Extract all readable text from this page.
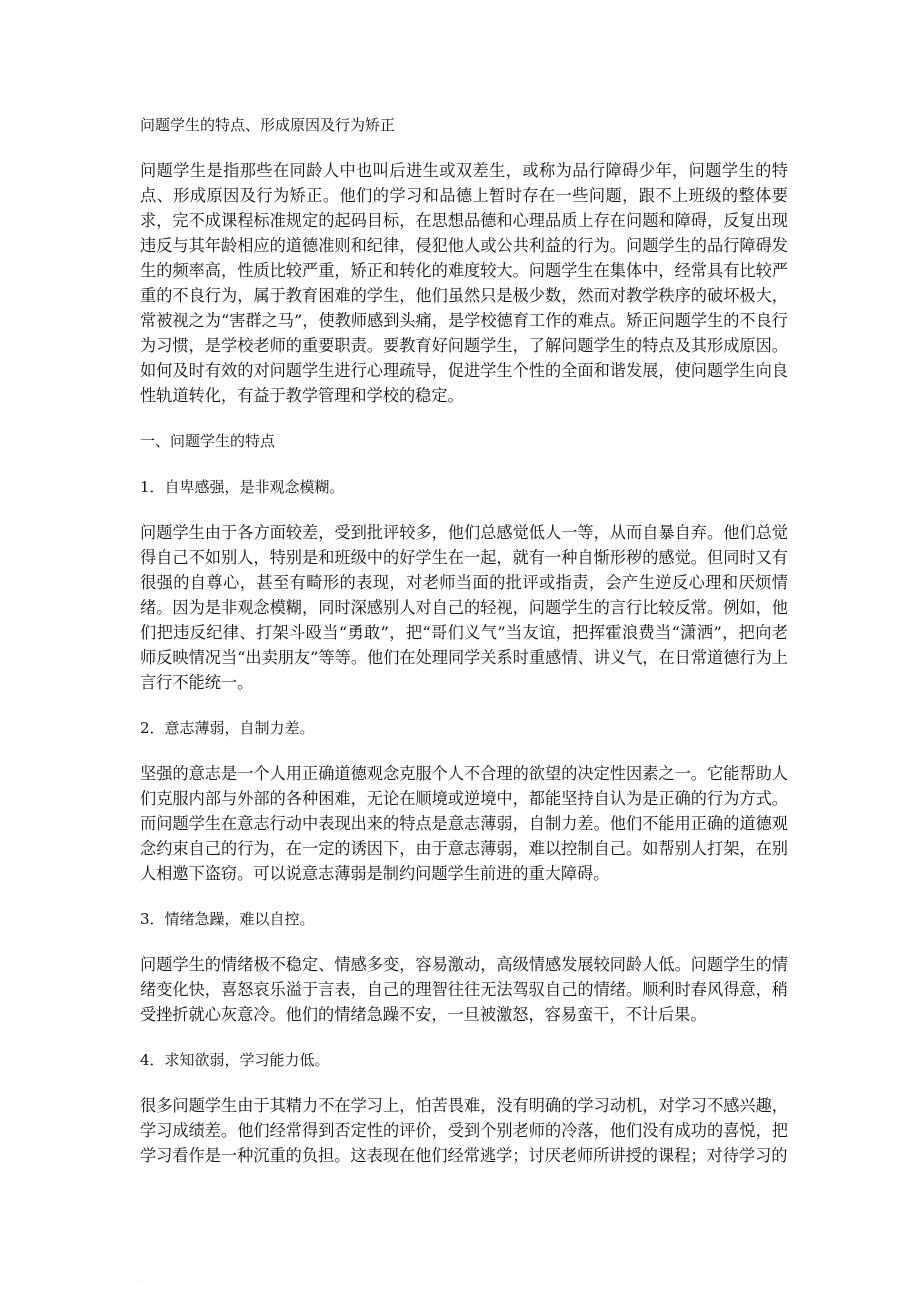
问题学生的特点、形成原因及行为矫正

问题学生是指那些在同龄人中也叫后进生或双差生，或称为品行障碍少年，问题学生的特点、形成原因及行为矫正。他们的学习和品德上暂时存在一些问题，跟不上班级的整体要求，完不成课程标准规定的起码目标，在思想品德和心理品质上存在问题和障碍，反复出现违反与其年龄相应的道德准则和纪律，侵犯他人或公共利益的行为。问题学生的品行障碍发生的频率高，性质比较严重，矫正和转化的难度较大。问题学生在集体中，经常具有比较严重的不良行为，属于教育困难的学生，他们虽然只是极少数，然而对教学秩序的破坏极大，常被视之为“害群之马”，使教师感到头痛，是学校德育工作的难点。矫正问题学生的不良行为习惯，是学校老师的重要职责。要教育好问题学生，了解问题学生的特点及其形成原因。如何及时有效的对问题学生进行心理疏导，促进学生个性的全面和谐发展，使问题学生向良性轨道转化，有益于教学管理和学校的稳定。

一、问题学生的特点
1．自卑感强，是非观念模糊。

问题学生由于各方面较差，受到批评较多，他们总感觉低人一等，从而自暴自弃。他们总觉得自己不如别人，特别是和班级中的好学生在一起，就有一种自惭形秽的感觉。但同时又有很强的自尊心，甚至有畸形的表现，对老师当面的批评或指责，会产生逆反心理和厌烦情绪。因为是非观念模糊，同时深感别人对自己的轻视，问题学生的言行比较反常。例如，他们把违反纪律、打架斗殴当“勇敢”，把“哥们义气”当友谊，把挥霍浪费当“潇洒”，把向老师反映情况当“出卖朋友”等等。他们在处理同学关系时重感情、讲义气，在日常道德行为上言行不能统一。

2．意志薄弱，自制力差。

坚强的意志是一个人用正确道德观念克服个人不合理的欲望的决定性因素之一。它能帮助人们克服内部与外部的各种困难，无论在顺境或逆境中，都能坚持自认为是正确的行为方式。而问题学生在意志行动中表现出来的特点是意志薄弱，自制力差。他们不能用正确的道德观念约束自己的行为，在一定的诱因下，由于意志薄弱，难以控制自己。如帮别人打架，在别人相邀下盗窃。可以说意志薄弱是制约问题学生前进的重大障碍。

3．情绪急躁，难以自控。

问题学生的情绪极不稳定、情感多变，容易激动，高级情感发展较同龄人低。问题学生的情绪变化快，喜怒哀乐溢于言表，自己的理智往往无法驾驭自己的情绪。顺利时春风得意，稍受挫折就心灰意冷。他们的情绪急躁不安，一旦被激怒，容易蛮干，不计后果。

4．求知欲弱，学习能力低。

很多问题学生由于其精力不在学习上，怕苦畏难，没有明确的学习动机，对学习不感兴趣，学习成绩差。他们经常得到否定性的评价，受到个别老师的冷落，他们没有成功的喜悦，把学习看作是一种沉重的负担。这表现在他们经常逃学；讨厌老师所讲授的课程；对待学习的

·
